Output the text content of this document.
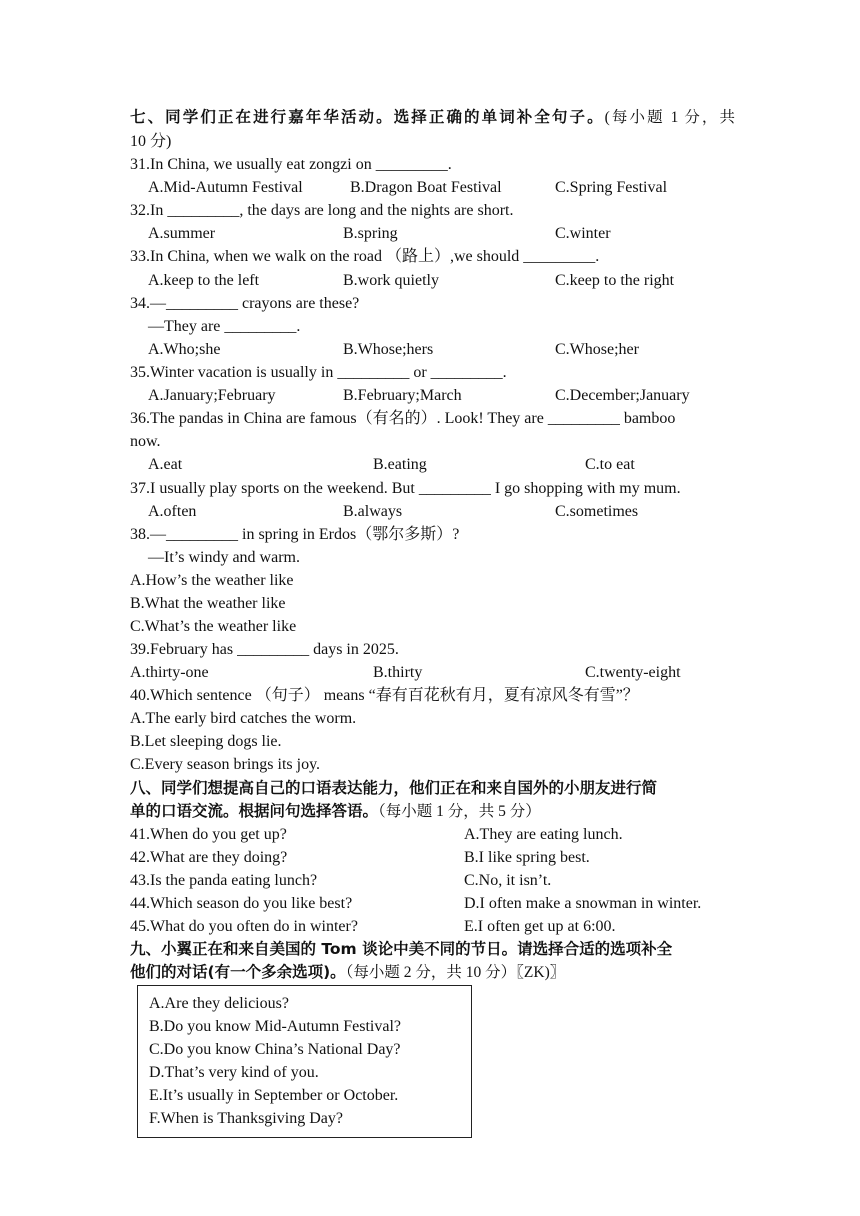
七、同学们正在进行嘉年华活动。选择正确的单词补全句子。(每小题 1 分，共
10 分)
31.In China, we usually eat zongzi on _________.
A.Mid-Autumn Festival	B.Dragon Boat Festival	C.Spring Festival
32.In _________, the days are long and the nights are short.
A.summer	B.spring	C.winter
33.In China, when we walk on the road （路上）,we should _________.
A.keep to the left	B.work quietly	C.keep to the right
34.—_________ crayons are these?
—They are _________.
A.Who;she	B.Whose;hers	C.Whose;her
35.Winter vacation is usually in _________ or _________.
A.January;February	B.February;March	C.December;January
36.The pandas in China are famous（有名的）. Look! They are _________ bamboo
now.
A.eat	B.eating	C.to eat
37.I usually play sports on the weekend. But _________ I go shopping with my mum.
A.often	B.always	C.sometimes
38.—_________ in spring in Erdos（鄂尔多斯）?
—It’s windy and warm.
A.How’s the weather like
B.What the weather like
C.What’s the weather like
39.February has _________ days in 2025.
A.thirty-one	B.thirty	C.twenty-eight
40.Which sentence （句子） means “春有百花秋有月，夏有凉风冬有雪”？
A.The early bird catches the worm.
B.Let sleeping dogs lie.
C.Every season brings its joy.
八、同学们想提高自己的口语表达能力，他们正在和来自国外的小朋友进行简
单的口语交流。根据问句选择答语。（每小题 1 分，共 5 分）
41.When do you get up?	A.They are eating lunch.
42.What are they doing?	B.I like spring best.
43.Is the panda eating lunch?	C.No, it isn’t.
44.Which season do you like best?	D.I often make a snowman in winter.
45.What do you often do in winter?	E.I often get up at 6:00.
九、小翼正在和来自美国的 Tom 谈论中美不同的节日。请选择合适的选项补全
他们的对话(有一个多余选项)。（每小题 2 分，共 10 分）〖ZK)〗
A.Are they delicious?
B.Do you know Mid-Autumn Festival?
C.Do you know China’s National Day?
D.That’s very kind of you.
E.It’s usually in September or October.
F.When is Thanksgiving Day?
